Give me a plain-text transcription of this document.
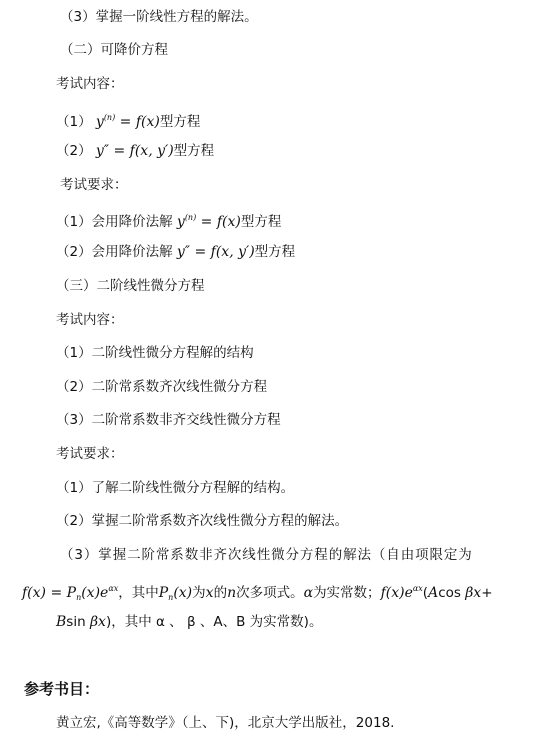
（3）掌握一阶线性方程的解法。
（二）可降价方程
考试内容：
（1） $y^{(n)} = f(x)$型方程
（2） y″ = f(x, y′)型方程
考试要求：
（1）会用降价法解 $y^{(n)} = f(x)$型方程
（2）会用降价法解 y″ = f(x, y′)型方程
（三）二阶线性微分方程
考试内容：
（1）二阶线性微分方程解的结构
（2）二阶常系数齐次线性微分方程
（3）二阶常系数非齐交线性微分方程
考试要求：
（1）了解二阶线性微分方程解的结构。
（2）掌握二阶常系数齐次线性微分方程的解法。
（3）掌握二阶常系数非齐次线性微分方程的解法（自由项限定为
$f(x) = P_n(x)e^{\alpha x}$，其中$P_n(x)$为x的n次多项式。α为实常数；$f(x)e^{\alpha x}(Acos$ βx+
Bsin βx)，其中 α 、 β 、A、B 为实常数)。
参考书目：
黄立宏,《高等数学》（上、下)，北京大学出版社，2018.
